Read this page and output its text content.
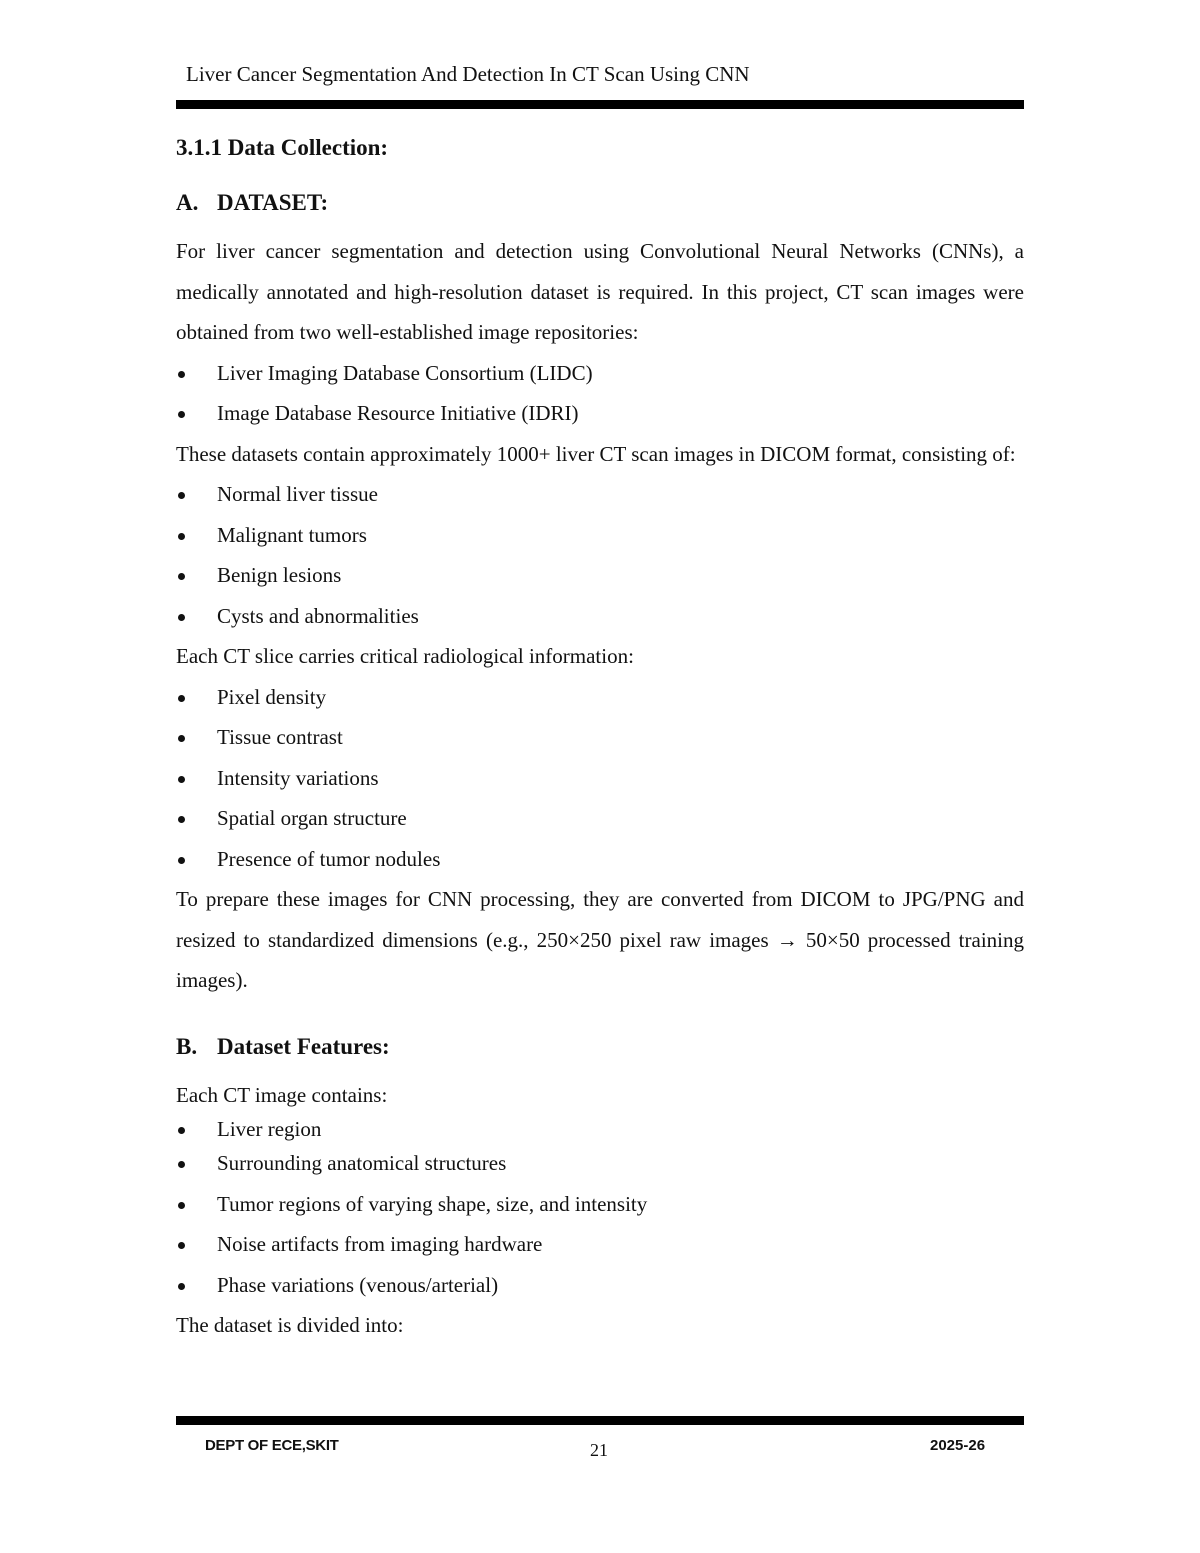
Liver Cancer Segmentation And Detection In CT Scan Using CNN
3.1.1 Data Collection:
A. DATASET:

For liver cancer segmentation and detection using Convolutional Neural Networks (CNNs), a medically annotated and high-resolution dataset is required. In this project, CT scan images were obtained from two well-established image repositories:

Liver Imaging Database Consortium (LIDC)
Image Database Resource Initiative (IDRI)

These datasets contain approximately 1000+ liver CT scan images in DICOM format, consisting of:

Normal liver tissue
Malignant tumors
Benign lesions
Cysts and abnormalities

Each CT slice carries critical radiological information:

Pixel density
Tissue contrast
Intensity variations
Spatial organ structure
Presence of tumor nodules

To prepare these images for CNN processing, they are converted from DICOM to JPG/PNG and resized to standardized dimensions (e.g., 250×250 pixel raw images → 50×50 processed training images).

B. Dataset Features:

Each CT image contains:

Liver region
Surrounding anatomical structures
Tumor regions of varying shape, size, and intensity
Noise artifacts from imaging hardware
Phase variations (venous/arterial)

The dataset is divided into:

DEPT OF ECE,SKIT	21	2025-26
